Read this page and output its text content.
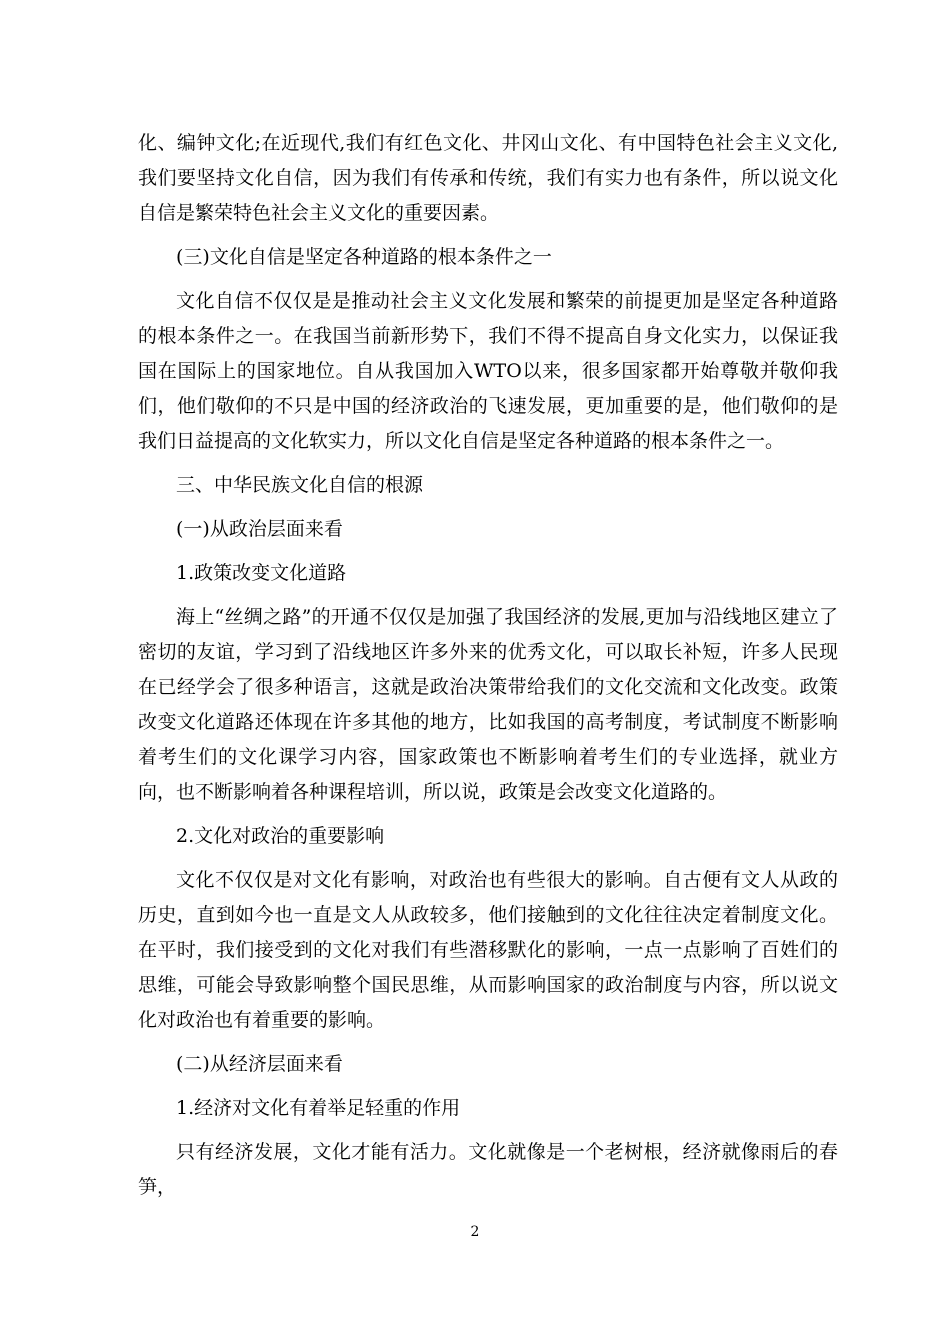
化、编钟文化;在近现代,我们有红色文化、井冈山文化、有中国特色社会主义文化,我们要坚持文化自信，因为我们有传承和传统，我们有实力也有条件，所以说文化自信是繁荣特色社会主义文化的重要因素。

(三)文化自信是坚定各种道路的根本条件之一

文化自信不仅仅是是推动社会主义文化发展和繁荣的前提更加是坚定各种道路的根本条件之一。在我国当前新形势下，我们不得不提高自身文化实力，以保证我国在国际上的国家地位。自从我国加入WTO以来，很多国家都开始尊敬并敬仰我们，他们敬仰的不只是中国的经济政治的飞速发展，更加重要的是，他们敬仰的是我们日益提高的文化软实力，所以文化自信是坚定各种道路的根本条件之一。

三、中华民族文化自信的根源

(一)从政治层面来看

1.政策改变文化道路

海上“丝绸之路”的开通不仅仅是加强了我国经济的发展,更加与沿线地区建立了密切的友谊，学习到了沿线地区许多外来的优秀文化，可以取长补短，许多人民现在已经学会了很多种语言，这就是政治决策带给我们的文化交流和文化改变。政策改变文化道路还体现在许多其他的地方，比如我国的高考制度，考试制度不断影响着考生们的文化课学习内容，国家政策也不断影响着考生们的专业选择，就业方向，也不断影响着各种课程培训，所以说，政策是会改变文化道路的。

2.文化对政治的重要影响

文化不仅仅是对文化有影响，对政治也有些很大的影响。自古便有文人从政的历史，直到如今也一直是文人从政较多，他们接触到的文化往往决定着制度文化。在平时，我们接受到的文化对我们有些潜移默化的影响，一点一点影响了百姓们的思维，可能会导致影响整个国民思维，从而影响国家的政治制度与内容，所以说文化对政治也有着重要的影响。

(二)从经济层面来看

1.经济对文化有着举足轻重的作用

只有经济发展，文化才能有活力。文化就像是一个老树根，经济就像雨后的春笋，

2
